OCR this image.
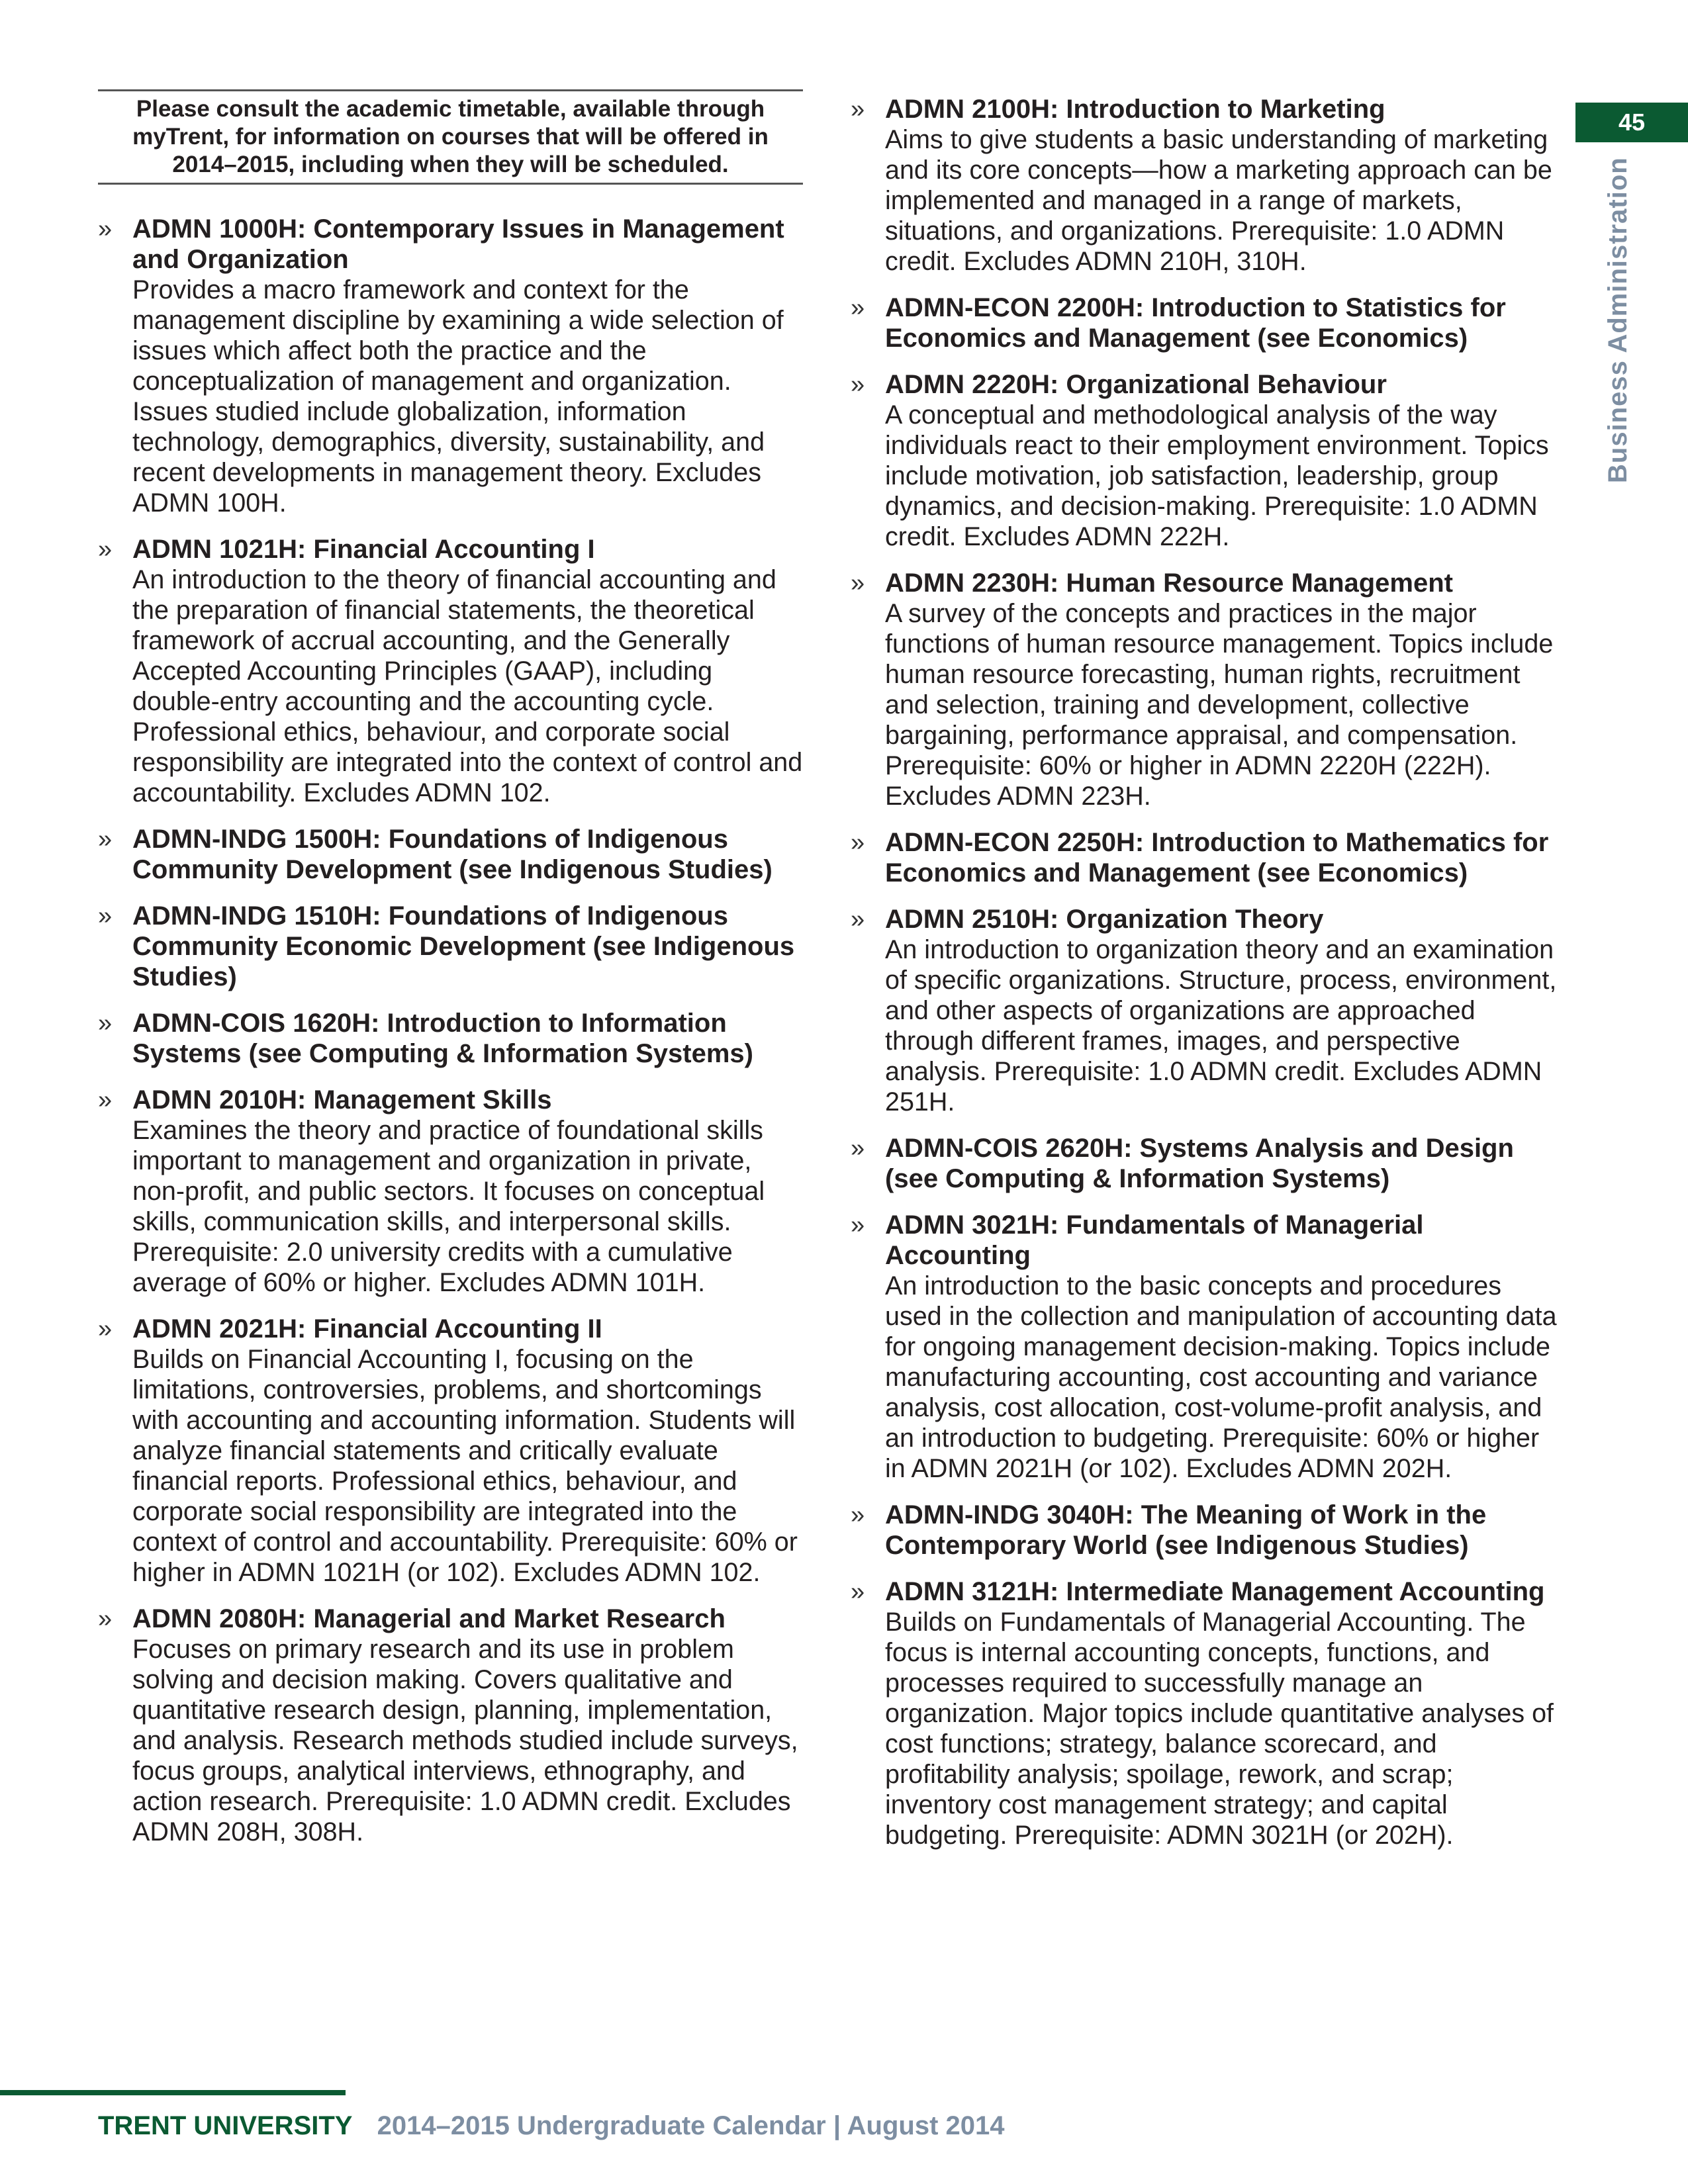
Please consult the academic timetable, available through myTrent, for information on courses that will be offered in 2014–2015, including when they will be scheduled.
» ADMN 1000H: Contemporary Issues in Management and Organization
Provides a macro framework and context for the management discipline by examining a wide selection of issues which affect both the practice and the conceptualization of management and organization. Issues studied include globalization, information technology, demographics, diversity, sustainability, and recent developments in management theory. Excludes ADMN 100H.
» ADMN 1021H: Financial Accounting I
An introduction to the theory of financial accounting and the preparation of financial statements, the theoretical framework of accrual accounting, and the Generally Accepted Accounting Principles (GAAP), including double-entry accounting and the accounting cycle. Professional ethics, behaviour, and corporate social responsibility are integrated into the context of control and accountability. Excludes ADMN 102.
» ADMN-INDG 1500H: Foundations of Indigenous Community Development (see Indigenous Studies)
» ADMN-INDG 1510H: Foundations of Indigenous Community Economic Development (see Indigenous Studies)
» ADMN-COIS 1620H: Introduction to Information Systems (see Computing & Information Systems)
» ADMN 2010H: Management Skills
Examines the theory and practice of foundational skills important to management and organization in private, non-profit, and public sectors. It focuses on conceptual skills, communication skills, and interpersonal skills. Prerequisite: 2.0 university credits with a cumulative average of 60% or higher. Excludes ADMN 101H.
» ADMN 2021H: Financial Accounting II
Builds on Financial Accounting I, focusing on the limitations, controversies, problems, and shortcomings with accounting and accounting information. Students will analyze financial statements and critically evaluate financial reports. Professional ethics, behaviour, and corporate social responsibility are integrated into the context of control and accountability. Prerequisite: 60% or higher in ADMN 1021H (or 102). Excludes ADMN 102.
» ADMN 2080H: Managerial and Market Research
Focuses on primary research and its use in problem solving and decision making. Covers qualitative and quantitative research design, planning, implementation, and analysis. Research methods studied include surveys, focus groups, analytical interviews, ethnography, and action research. Prerequisite: 1.0 ADMN credit. Excludes ADMN 208H, 308H.
» ADMN 2100H: Introduction to Marketing
Aims to give students a basic understanding of marketing and its core concepts—how a marketing approach can be implemented and managed in a range of markets, situations, and organizations. Prerequisite: 1.0 ADMN credit. Excludes ADMN 210H, 310H.
» ADMN-ECON 2200H: Introduction to Statistics for Economics and Management (see Economics)
» ADMN 2220H: Organizational Behaviour
A conceptual and methodological analysis of the way individuals react to their employment environment. Topics include motivation, job satisfaction, leadership, group dynamics, and decision-making. Prerequisite: 1.0 ADMN credit. Excludes ADMN 222H.
» ADMN 2230H: Human Resource Management
A survey of the concepts and practices in the major functions of human resource management. Topics include human resource forecasting, human rights, recruitment and selection, training and development, collective bargaining, performance appraisal, and compensation. Prerequisite: 60% or higher in ADMN 2220H (222H). Excludes ADMN 223H.
» ADMN-ECON 2250H: Introduction to Mathematics for Economics and Management (see Economics)
» ADMN 2510H: Organization Theory
An introduction to organization theory and an examination of specific organizations. Structure, process, environment, and other aspects of organizations are approached through different frames, images, and perspective analysis. Prerequisite: 1.0 ADMN credit. Excludes ADMN 251H.
» ADMN-COIS 2620H: Systems Analysis and Design (see Computing & Information Systems)
» ADMN 3021H: Fundamentals of Managerial Accounting
An introduction to the basic concepts and procedures used in the collection and manipulation of accounting data for ongoing management decision-making. Topics include manufacturing accounting, cost accounting and variance analysis, cost allocation, cost-volume-profit analysis, and an introduction to budgeting. Prerequisite: 60% or higher in ADMN 2021H (or 102). Excludes ADMN 202H.
» ADMN-INDG 3040H: The Meaning of Work in the Contemporary World (see Indigenous Studies)
» ADMN 3121H: Intermediate Management Accounting
Builds on Fundamentals of Managerial Accounting. The focus is internal accounting concepts, functions, and processes required to successfully manage an organization. Major topics include quantitative analyses of cost functions; strategy, balance scorecard, and profitability analysis; spoilage, rework, and scrap; inventory cost management strategy; and capital budgeting. Prerequisite: ADMN 3021H (or 202H).
45
Business Administration
TRENT UNIVERSITY 2014–2015 Undergraduate Calendar | August 2014
